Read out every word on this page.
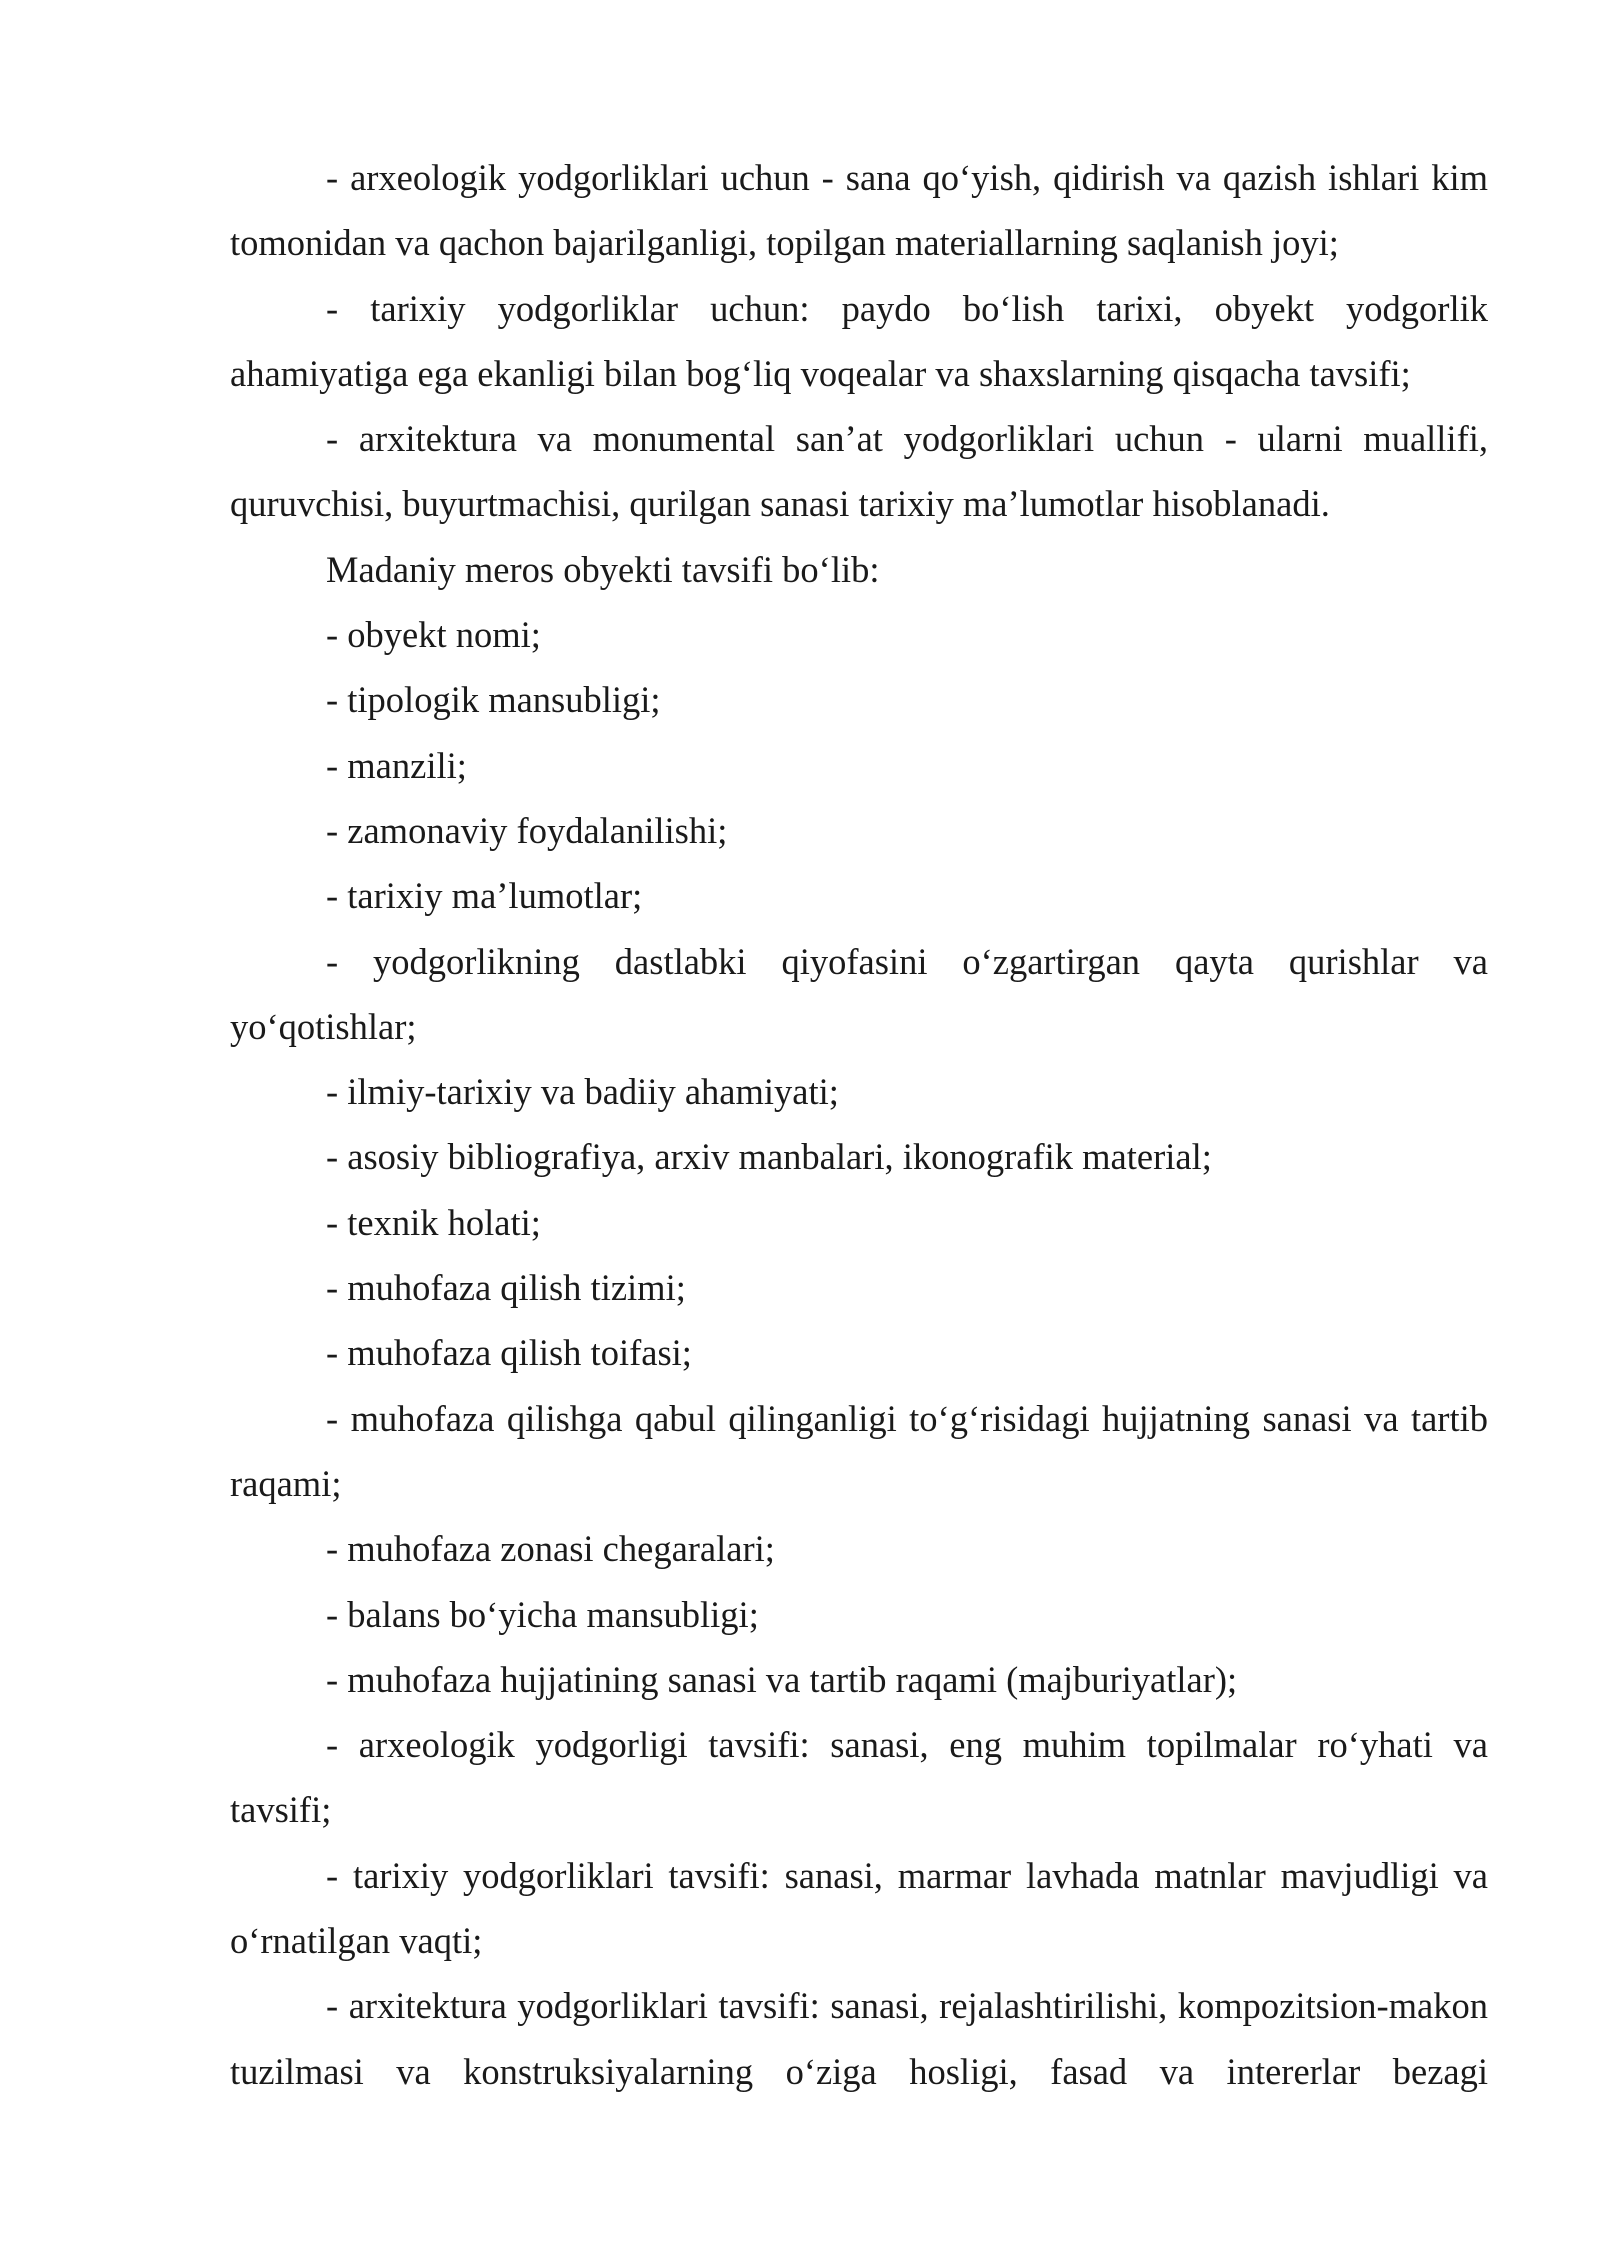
- arxeologik yodgorliklari uchun - sana qo‘yish, qidirish va qazish ishlari kim tomonidan va qachon bajarilganligi, topilgan materiallarning saqlanish joyi;

- tarixiy yodgorliklar uchun: paydo bo‘lish tarixi, obyekt yodgorlik ahamiyatiga ega ekanligi bilan bog‘liq voqealar va shaxslarning qisqacha tavsifi;

- arxitektura va monumental san’at yodgorliklari uchun - ularni muallifi, quruvchisi, buyurtmachisi, qurilgan sanasi tarixiy ma’lumotlar hisoblanadi.

Madaniy meros obyekti tavsifi bo‘lib:

- obyekt nomi;

- tipologik mansubligi;

- manzili;

- zamonaviy foydalanilishi;

- tarixiy ma’lumotlar;

- yodgorlikning dastlabki qiyofasini o‘zgartirgan qayta qurishlar va yo‘qotishlar;

- ilmiy-tarixiy va badiiy ahamiyati;

- asosiy bibliografiya, arxiv manbalari, ikonografik material;

- texnik holati;

- muhofaza qilish tizimi;

- muhofaza qilish toifasi;

- muhofaza qilishga qabul qilinganligi to‘g‘risidagi hujjatning sanasi va tartib raqami;

- muhofaza zonasi chegaralari;

- balans bo‘yicha mansubligi;

- muhofaza hujjatining sanasi va tartib raqami (majburiyatlar);

- arxeologik yodgorligi tavsifi: sanasi, eng muhim topilmalar ro‘yhati va tavsifi;

- tarixiy yodgorliklari tavsifi: sanasi, marmar lavhada matnlar mavjudligi va o‘rnatilgan vaqti;

- arxitektura yodgorliklari tavsifi: sanasi, rejalashtirilishi, kompozitsion-makon tuzilmasi va konstruksiyalarning o‘ziga hosligi, fasad va intererlar bezagi
